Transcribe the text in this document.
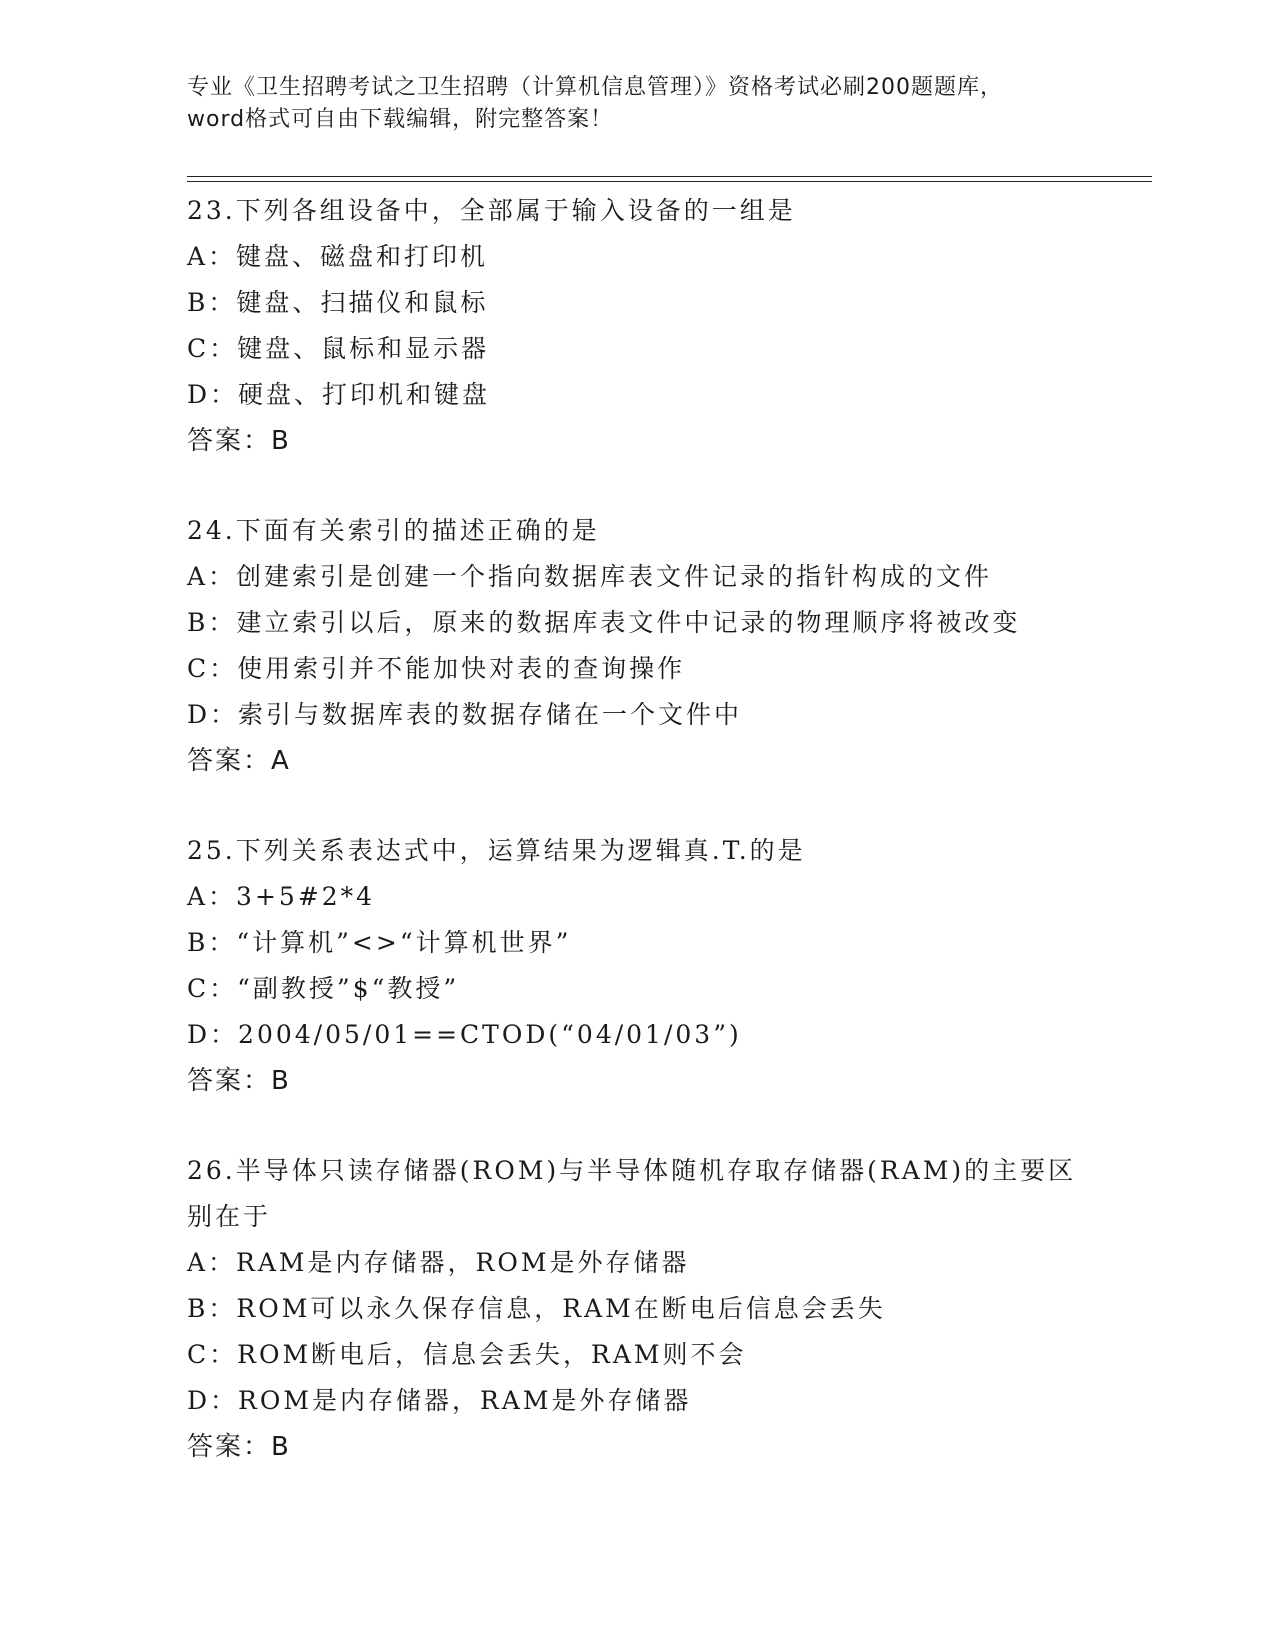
专业《卫生招聘考试之卫生招聘（计算机信息管理）》资格考试必刷200题题库，

word格式可自由下载编辑，附完整答案！

23.下列各组设备中，全部属于输入设备的一组是
A：键盘、磁盘和打印机
B：键盘、扫描仪和鼠标
C：键盘、鼠标和显示器
D：硬盘、打印机和键盘
答案：B
24.下面有关索引的描述正确的是
A：创建索引是创建一个指向数据库表文件记录的指针构成的文件
B：建立索引以后，原来的数据库表文件中记录的物理顺序将被改变
C：使用索引并不能加快对表的查询操作
D：索引与数据库表的数据存储在一个文件中
答案：A
25.下列关系表达式中，运算结果为逻辑真.T.的是
A：3+5#2*4
B：“计算机”<>“计算机世界”
C：“副教授”$“教授”
D：2004/05/01==CTOD(“04/01/03”)
答案：B
26.半导体只读存储器(ROM)与半导体随机存取存储器(RAM)的主要区别在于
A：RAM是内存储器，ROM是外存储器
B：ROM可以永久保存信息，RAM在断电后信息会丢失
C：ROM断电后，信息会丢失，RAM则不会
D：ROM是内存储器，RAM是外存储器
答案：B
